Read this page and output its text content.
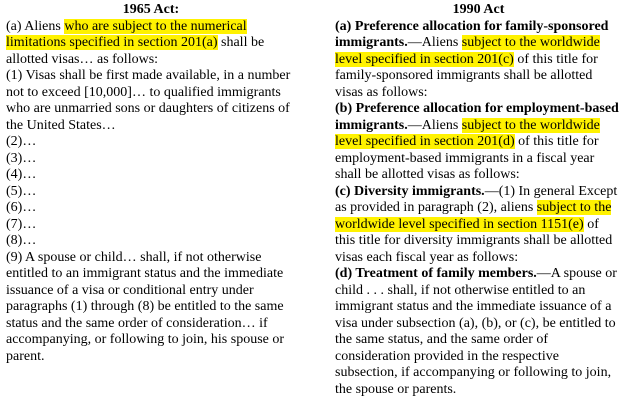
1965 Act:

(a) Aliens who are subject to the numerical limitations specified in section 201(a) shall be allotted visas… as follows:

(1) Visas shall be first made available, in a number not to exceed [10,000]… to qualified immigrants who are unmarried sons or daughters of citizens of the United States…

(2)…

(3)…

(4)…

(5)…

(6)…

(7)…

(8)…

(9) A spouse or child… shall, if not otherwise entitled to an immigrant status and the immediate issuance of a visa or conditional entry under paragraphs (1) through (8) be entitled to the same status and the same order of consideration… if accompanying, or following to join, his spouse or parent.

1990 Act

(a) Preference allocation for family-sponsored immigrants.—Aliens subject to the worldwide level specified in section 201(c) of this title for family-sponsored immigrants shall be allotted visas as follows:

(b) Preference allocation for employment-based immigrants.—Aliens subject to the worldwide level specified in section 201(d) of this title for employment-based immigrants in a fiscal year shall be allotted visas as follows:

(c) Diversity immigrants.—(1) In general Except as provided in paragraph (2), aliens subject to the worldwide level specified in section 1151(e) of this title for diversity immigrants shall be allotted visas each fiscal year as follows:

(d) Treatment of family members.—A spouse or child . . . shall, if not otherwise entitled to an immigrant status and the immediate issuance of a visa under subsection (a), (b), or (c), be entitled to the same status, and the same order of consideration provided in the respective subsection, if accompanying or following to join, the spouse or parents.
